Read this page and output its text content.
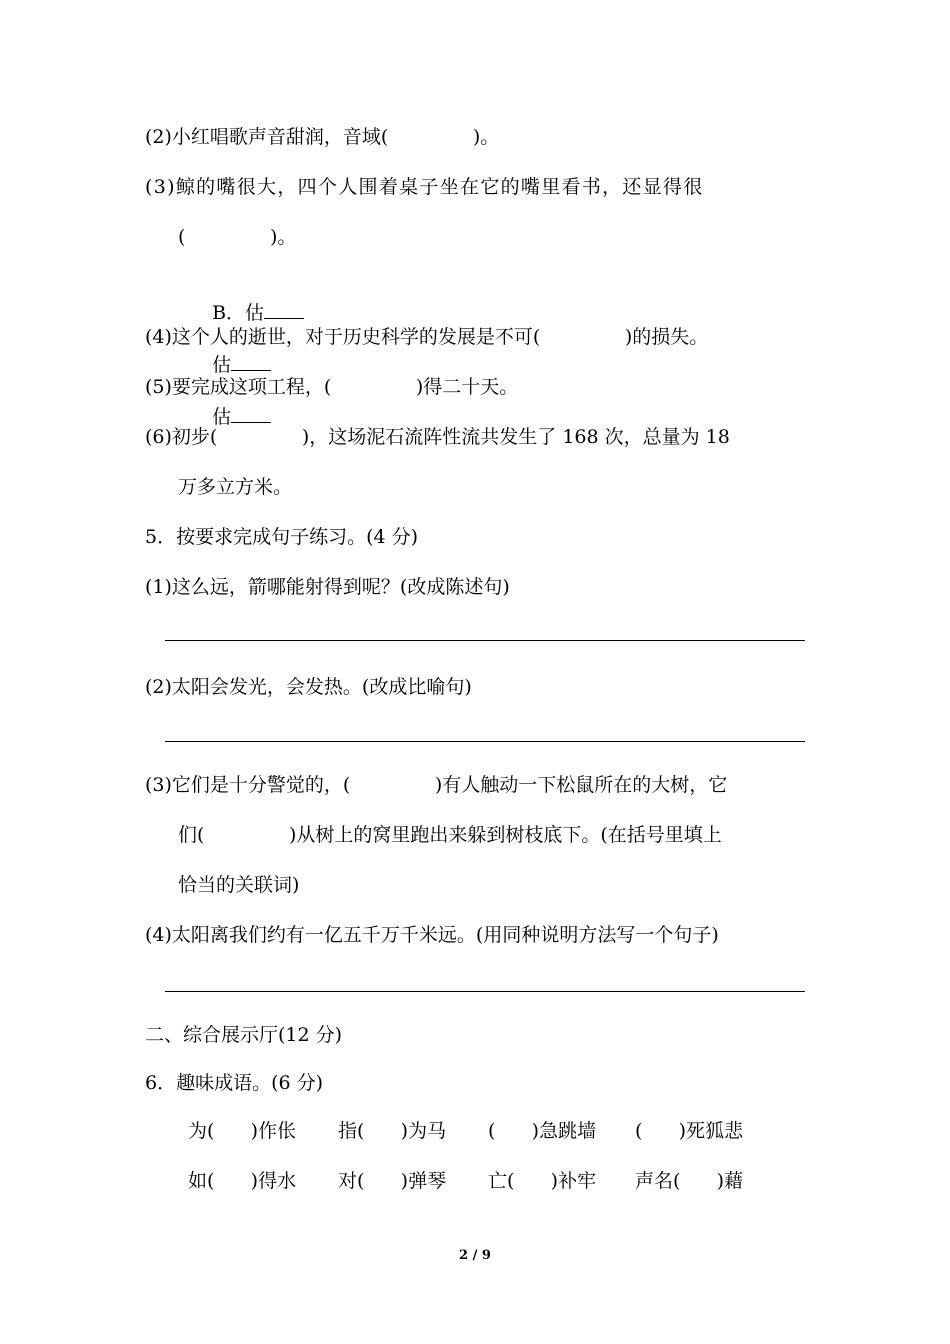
(2)小红唱歌声音甜润，音域(              )。
(3)鲸的嘴很大，四个人围着桌子坐在它的嘴里看书，还显得很
(              )。

B．估

估

估

(4)这个人的逝世，对于历史科学的发展是不可(              )的损失。
(5)要完成这项工程，(              )得二十天。
(6)初步(              )，这场泥石流阵性流共发生了 168 次，总量为 18
万多立方米。
5．按要求完成句子练习。(4 分)
(1)这么远，箭哪能射得到呢？(改成陈述句)
(2)太阳会发光，会发热。(改成比喻句)
(3)它们是十分警觉的，(              )有人触动一下松鼠所在的大树，它
们(              )从树上的窝里跑出来躲到树枝底下。(在括号里填上
恰当的关联词)
(4)太阳离我们约有一亿五千万千米远。(用同种说明方法写一个句子)
二、综合展示厅(12 分)
6．趣味成语。(6 分)
为(      )作伥 指(      )为马 (      )急跳墙 (      )死狐悲
如(      )得水 对(      )弹琴 亡(      )补牢 声名(      )藉
2 / 9
